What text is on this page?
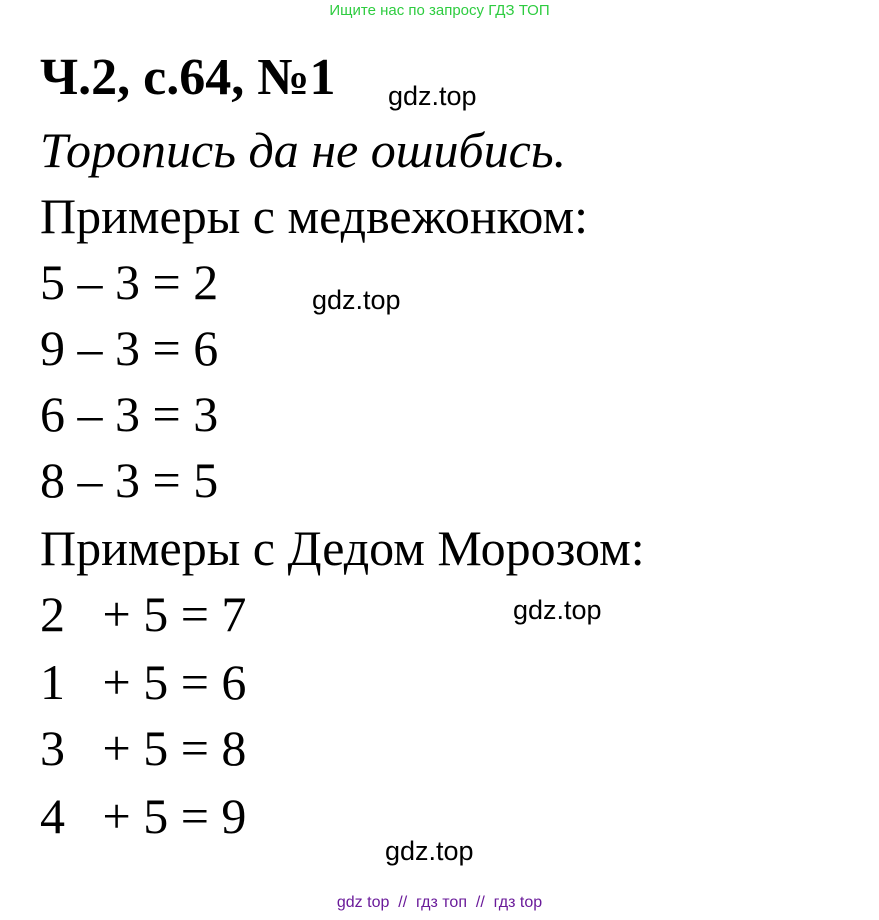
Ищите нас по запросу ГДЗ ТОП
Ч.2, с.64, №1 gdz.top
Торопись да не ошибись.
Примеры с медвежонком:
5 – 3 = 2	gdz.top
9 – 3 = 6
6 – 3 = 3
8 – 3 = 5
Примеры с Дедом Морозом:
2   + 5 = 7	gdz.top
1   + 5 = 6
3   + 5 = 8
4   + 5 = 9
gdz.top
gdz top  //  гдз топ  //  гдз top
